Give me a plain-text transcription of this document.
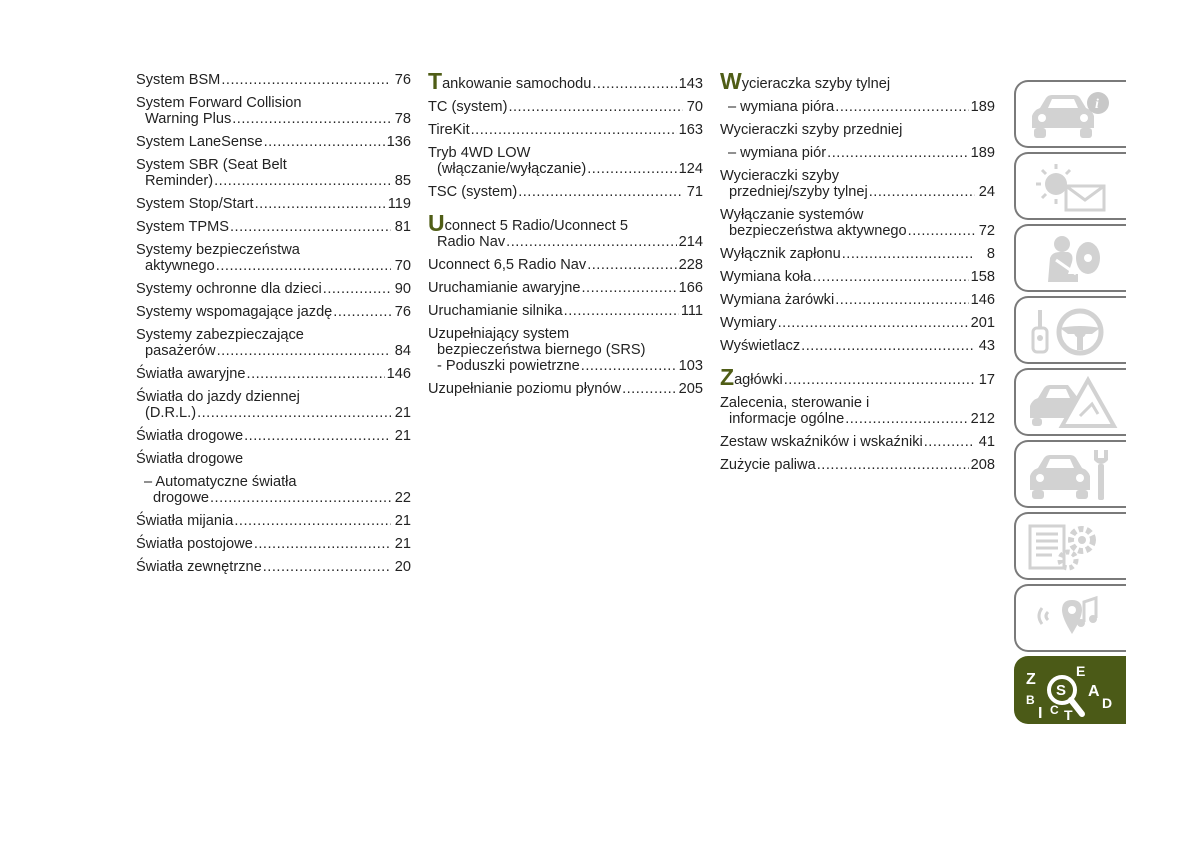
System BSM .....	76
System Forward Collision
Warning Plus .....	78
System LaneSense .....	136
System SBR (Seat Belt
Reminder) .....	85
System Stop/Start .....	119
System TPMS .....	81
Systemy bezpieczeństwa
aktywnego .....	70
Systemy ochronne dla dzieci .....	90
Systemy wspomagające jazdę .....	76
Systemy zabezpieczające
pasażerów .....	84
Światła awaryjne .....	146
Światła do jazdy dziennej
(D.R.L.) .....	21
Światła drogowe .....	21
Światła drogowe
– Automatyczne światła
drogowe .....	22
Światła mijania .....	21
Światła postojowe .....	21
Światła zewnętrzne .....	20
T ankowanie samochodu .....	143
TC (system) .....	70
TireKit .....	163
Tryb 4WD LOW
(włączanie/wyłączanie) .....	124
TSC (system) .....	71
Uconnect 5 Radio/Uconnect 5
Radio Nav .....	214
Uconnect 6,5 Radio Nav .....	228
Uruchamianie awaryjne .....	166
Uruchamianie silnika .....	111
Uzupełniający system
bezpieczeństwa biernego (SRS)
- Poduszki powietrzne .....	103
Uzupełnianie poziomu płynów .....	205
Wycieraczka szyby tylnej
– wymiana pióra .....	189
Wycieraczki szyby przedniej
– wymiana piór .....	189
Wycieraczki szyby
przedniej/szyby tylnej .....	24
Wyłączanie systemów
bezpieczeństwa aktywnego .....	72
Wyłącznik zapłonu .....	8
Wymiana koła .....	158
Wymiana żarówki .....	146
Wymiary .....	201
Wyświetlacz .....	43
Z agłówki .....	17
Zalecenia, sterowanie i
informacje ogólne .....	212
Zestaw wskaźników i wskaźniki .....	41
Zużycie paliwa .....	208
i
Z	E
B	A
I C T
D
S
